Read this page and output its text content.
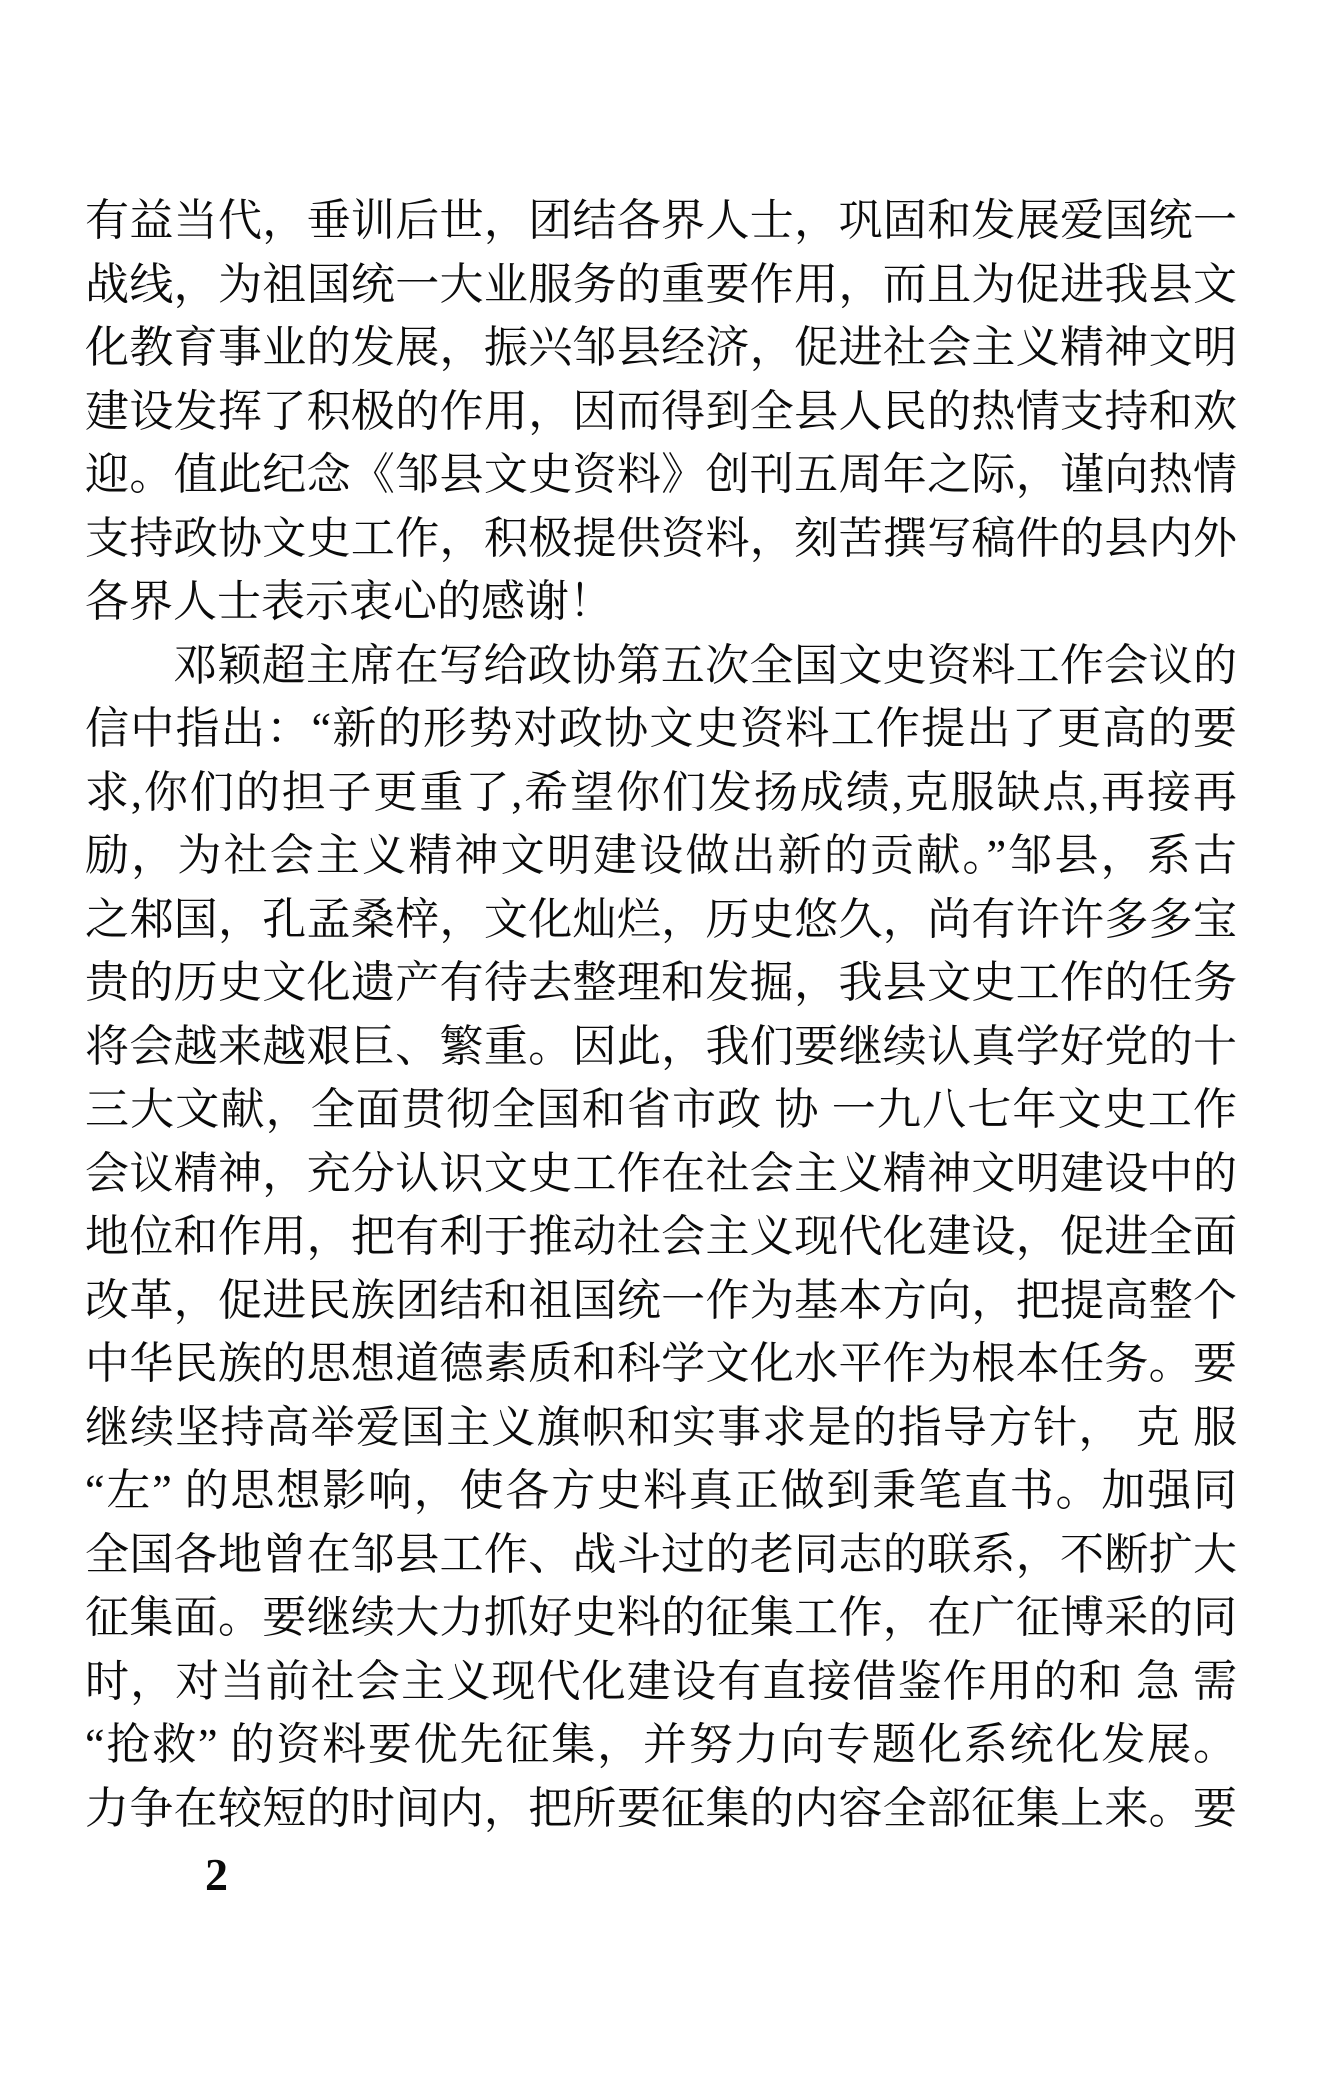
有益当代，垂训后世，团结各界人士，巩固和发展爱国统一
战线，为祖国统一大业服务的重要作用，而且为促进我县文
化教育事业的发展，振兴邹县经济，促进社会主义精神文明
建设发挥了积极的作用，因而得到全县人民的热情支持和欢
迎。值此纪念《邹县文史资料》创刊五周年之际，谨向热情
支持政协文史工作，积极提供资料，刻苦撰写稿件的县内外
各界人士表示衷心的感谢！
邓颖超主席在写给政协第五次全国文史资料工作会议的
信中指出：“新的形势对政协文史资料工作提出了更高的要
求,你们的担子更重了,希望你们发扬成绩,克服缺点,再接再
励，为社会主义精神文明建设做出新的贡献。”邹县，系古
之邾国，孔孟桑梓，文化灿烂，历史悠久，尚有许许多多宝
贵的历史文化遗产有待去整理和发掘，我县文史工作的任务
将会越来越艰巨、繁重。因此，我们要继续认真学好党的十
三大文献，全面贯彻全国和省市政 协 一九八七年文史工作
会议精神，充分认识文史工作在社会主义精神文明建设中的
地位和作用，把有利于推动社会主义现代化建设，促进全面
改革，促进民族团结和祖国统一作为基本方向，把提高整个
中华民族的思想道德素质和科学文化水平作为根本任务。要
继续坚持高举爱国主义旗帜和实事求是的指导方针， 克 服
“左” 的思想影响，使各方史料真正做到秉笔直书。加强同
全国各地曾在邹县工作、战斗过的老同志的联系，不断扩大
征集面。要继续大力抓好史料的征集工作，在广征博采的同
时，对当前社会主义现代化建设有直接借鉴作用的和 急 需
“抢救” 的资料要优先征集，并努力向专题化系统化发展。
力争在较短的时间内，把所要征集的内容全部征集上来。要
2
